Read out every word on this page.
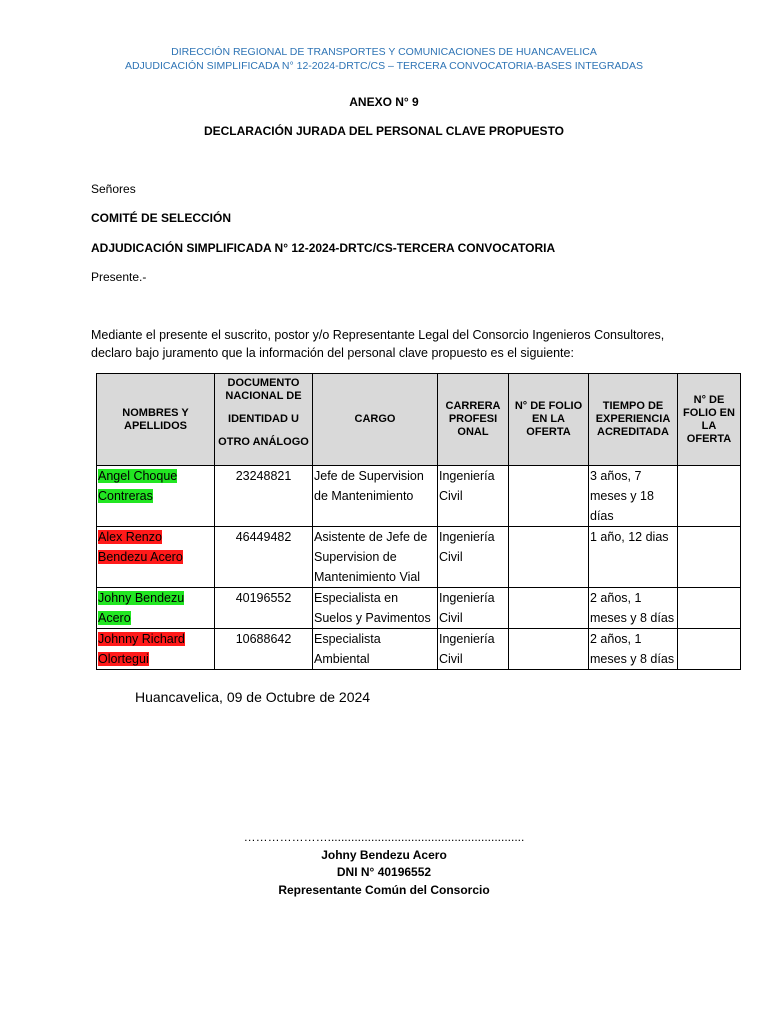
DIRECCIÓN REGIONAL DE TRANSPORTES Y COMUNICACIONES DE HUANCAVELICA
ADJUDICACIÓN SIMPLIFICADA N° 12-2024-DRTC/CS – TERCERA CONVOCATORIA-BASES INTEGRADAS
ANEXO N° 9
DECLARACIÓN JURADA DEL PERSONAL CLAVE PROPUESTO
Señores
COMITÉ DE SELECCIÓN
ADJUDICACIÓN SIMPLIFICADA N° 12-2024-DRTC/CS-TERCERA CONVOCATORIA
Presente.-
Mediante el presente el suscrito, postor y/o Representante Legal del Consorcio Ingenieros Consultores, declaro bajo juramento que la información del personal clave propuesto es el siguiente:
NOMBRES Y APELLIDOS	DOCUMENTO NACIONAL DE
IDENTIDAD U
OTRO ANÁLOGO	CARGO	CARRERA PROFESI ONAL	N° DE FOLIO EN LA OFERTA	TIEMPO DE EXPERIENCIA ACREDITADA	N° DE FOLIO EN LA OFERTA
Angel Choque Contreras	23248821	Jefe de Supervision de Mantenimiento	Ingeniería Civil		3 años, 7 meses y 18 días	
Alex Renzo Bendezu Acero	46449482	Asistente de Jefe de Supervision de Mantenimiento Vial	Ingeniería Civil		1 año, 12 dias	
Johny Bendezu Acero	40196552	Especialista en Suelos y Pavimentos	Ingeniería Civil		2 años, 1 meses y 8 días	
Johnny Richard Olortegui	10688642	Especialista Ambiental	Ingeniería Civil		2 años, 1 meses y 8 días	
Huancavelica, 09 de Octubre de 2024
…………………...........................................................
Johny Bendezu Acero
DNI N° 40196552
Representante Común del Consorcio
